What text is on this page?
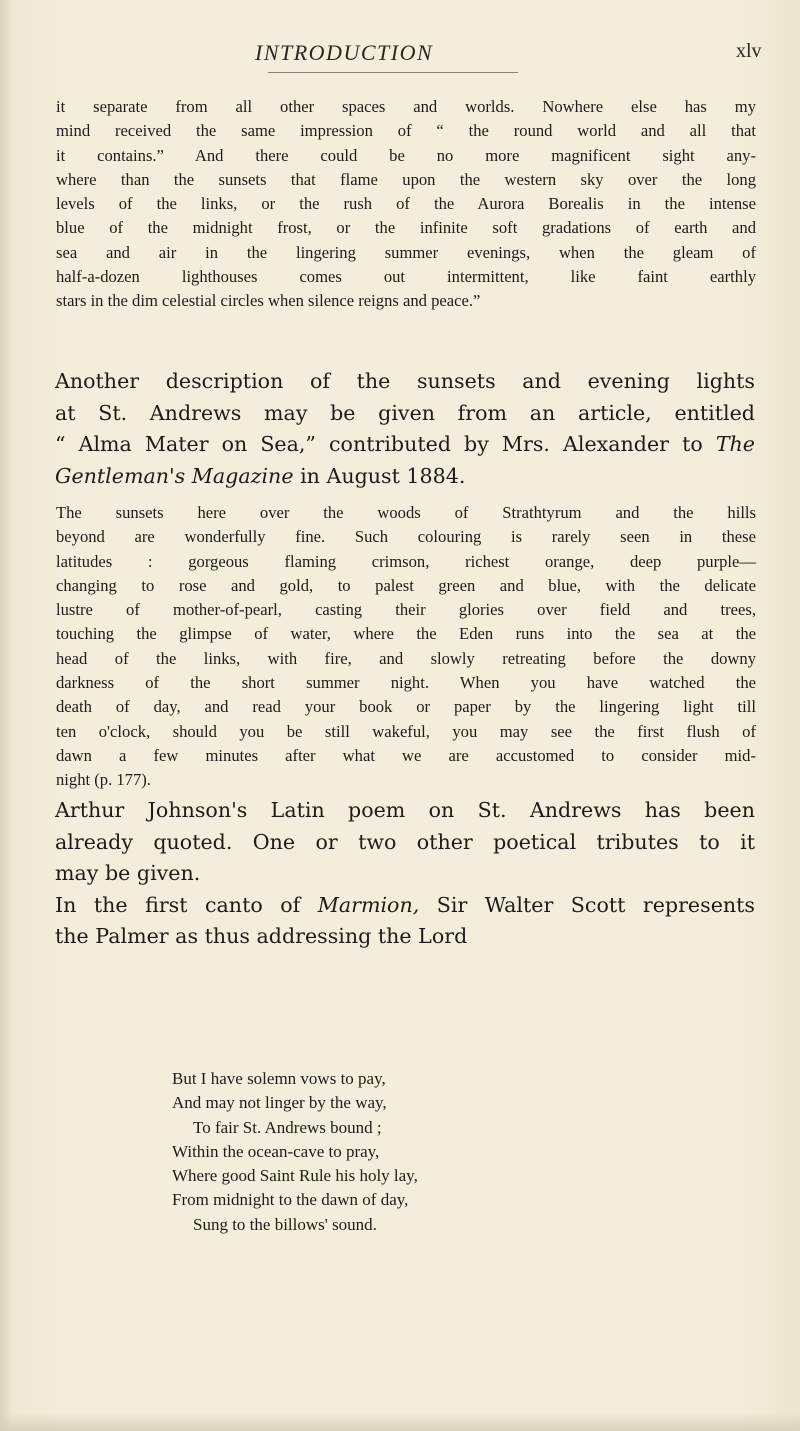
INTRODUCTION	xlv
it separate from all other spaces and worlds. Nowhere else has my
mind received the same impression of “ the round world and all that
it contains.” And there could be no more magnificent sight any-
where than the sunsets that flame upon the western sky over the long
levels of the links, or the rush of the Aurora Borealis in the intense
blue of the midnight frost, or the infinite soft gradations of earth and
sea and air in the lingering summer evenings, when the gleam of
half-a-dozen lighthouses comes out intermittent, like faint earthly
stars in the dim celestial circles when silence reigns and peace.”
Another description of the sunsets and evening lights
at St. Andrews may be given from an article, entitled
“ Alma Mater on Sea,” contributed by Mrs. Alexander to The
Gentleman's Magazine in August 1884.
The sunsets here over the woods of Strathtyrum and the hills
beyond are wonderfully fine. Such colouring is rarely seen in these
latitudes : gorgeous flaming crimson, richest orange, deep purple—
changing to rose and gold, to palest green and blue, with the delicate
lustre of mother-of-pearl, casting their glories over field and trees,
touching the glimpse of water, where the Eden runs into the sea at the
head of the links, with fire, and slowly retreating before the downy
darkness of the short summer night. When you have watched the
death of day, and read your book or paper by the lingering light till
ten o'clock, should you be still wakeful, you may see the first flush of
dawn a few minutes after what we are accustomed to consider mid-
night (p. 177).
Arthur Johnson's Latin poem on St. Andrews has been
already quoted. One or two other poetical tributes to it
may be given.
In the first canto of Marmion, Sir Walter Scott represents
the Palmer as thus addressing the Lord
But I have solemn vows to pay,
And may not linger by the way,
To fair St. Andrews bound ;
Within the ocean-cave to pray,
Where good Saint Rule his holy lay,
From midnight to the dawn of day,
Sung to the billows' sound.
